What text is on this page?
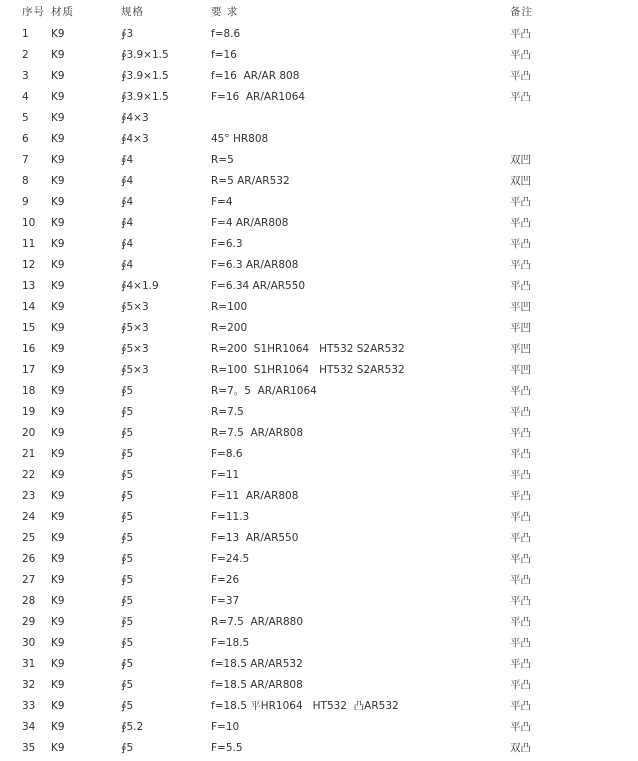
序号 材质	规格	要 求	备注
1 K9	∮3	f=8.6	平凸
2 K9	∮3.9×1.5	f=16	平凸
3 K9	∮3.9×1.5	f=16  AR/AR 808	平凸
4 K9	∮3.9×1.5	F=16  AR/AR1064	平凸
5 K9	∮4×3
6 K9	∮4×3	45° HR808
7 K9	∮4	R=5	双凹
8 K9	∮4	R=5 AR/AR532	双凹
9 K9	∮4	F=4	平凸
10 K9	∮4	F=4 AR/AR808	平凸
11 K9	∮4	F=6.3	平凸
12 K9	∮4	F=6.3 AR/AR808	平凸
13 K9	∮4×1.9	F=6.34 AR/AR550	平凸
14 K9	∮5×3	R=100	平凹
15 K9	∮5×3	R=200	平凹
16 K9	∮5×3	R=200  S1HR1064   HT532 S2AR532	平凹
17 K9	∮5×3	R=100  S1HR1064   HT532 S2AR532	平凹
18 K9	∮5	R=7。5  AR/AR1064	平凸
19 K9	∮5	R=7.5	平凸
20 K9	∮5	R=7.5  AR/AR808	平凸
21 K9	∮5	F=8.6	平凸
22 K9	∮5	F=11	平凸
23 K9	∮5	F=11  AR/AR808	平凸
24 K9	∮5	F=11.3	平凸
25 K9	∮5	F=13  AR/AR550	平凸
26 K9	∮5	F=24.5	平凸
27 K9	∮5	F=26	平凸
28 K9	∮5	F=37	平凸
29 K9	∮5	R=7.5  AR/AR880	平凸
30 K9	∮5	F=18.5	平凸
31 K9	∮5	f=18.5 AR/AR532	平凸
32 K9	∮5	f=18.5 AR/AR808	平凸
33 K9	∮5	f=18.5 平HR1064   HT532  凸AR532	平凸
34 K9	∮5.2	F=10	平凸
35 K9	∮5	F=5.5	双凸
